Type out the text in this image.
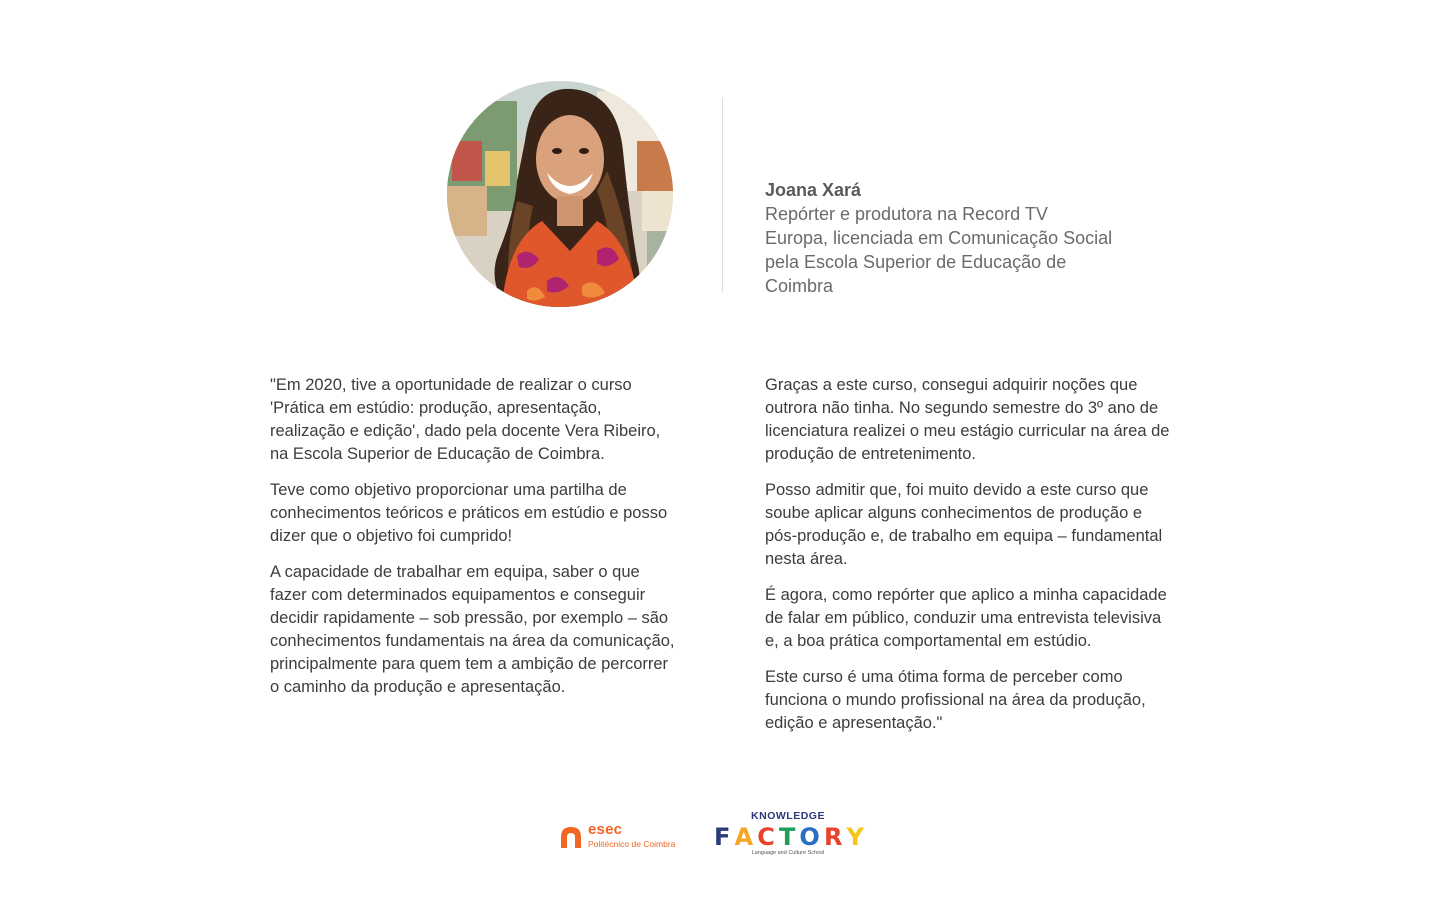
Joana Xará
Repórter e produtora na Record TV
Europa, licenciada em Comunicação Social
pela Escola Superior de Educação de
Coimbra

"Em 2020, tive a oportunidade de realizar o curso 'Prática em estúdio: produção, apresentação, realização e edição', dado pela docente Vera Ribeiro, na Escola Superior de Educação de Coimbra.

Teve como objetivo proporcionar uma partilha de conhecimentos teóricos e práticos em estúdio e posso dizer que o objetivo foi cumprido!

A capacidade de trabalhar em equipa, saber o que fazer com determinados equipamentos e conseguir decidir rapidamente – sob pressão, por exemplo – são conhecimentos fundamentais na área da comunicação, principalmente para quem tem a ambição de percorrer o caminho da produção e apresentação.

Graças a este curso, consegui adquirir noções que outrora não tinha. No segundo semestre do 3º ano de licenciatura realizei o meu estágio curricular na área de produção de entretenimento.

Posso admitir que, foi muito devido a este curso que soube aplicar alguns conhecimentos de produção e pós-produção e, de trabalho em equipa – fundamental nesta área.

É agora, como repórter que aplico a minha capacidade de falar em público, conduzir uma entrevista televisiva e, a boa prática comportamental em estúdio.

Este curso é uma ótima forma de perceber como funciona o mundo profissional na área da produção, edição e apresentação."

esec
Politécnico de Coimbra
KNOWLEDGE
F A C T O R Y
Language and Culture School
